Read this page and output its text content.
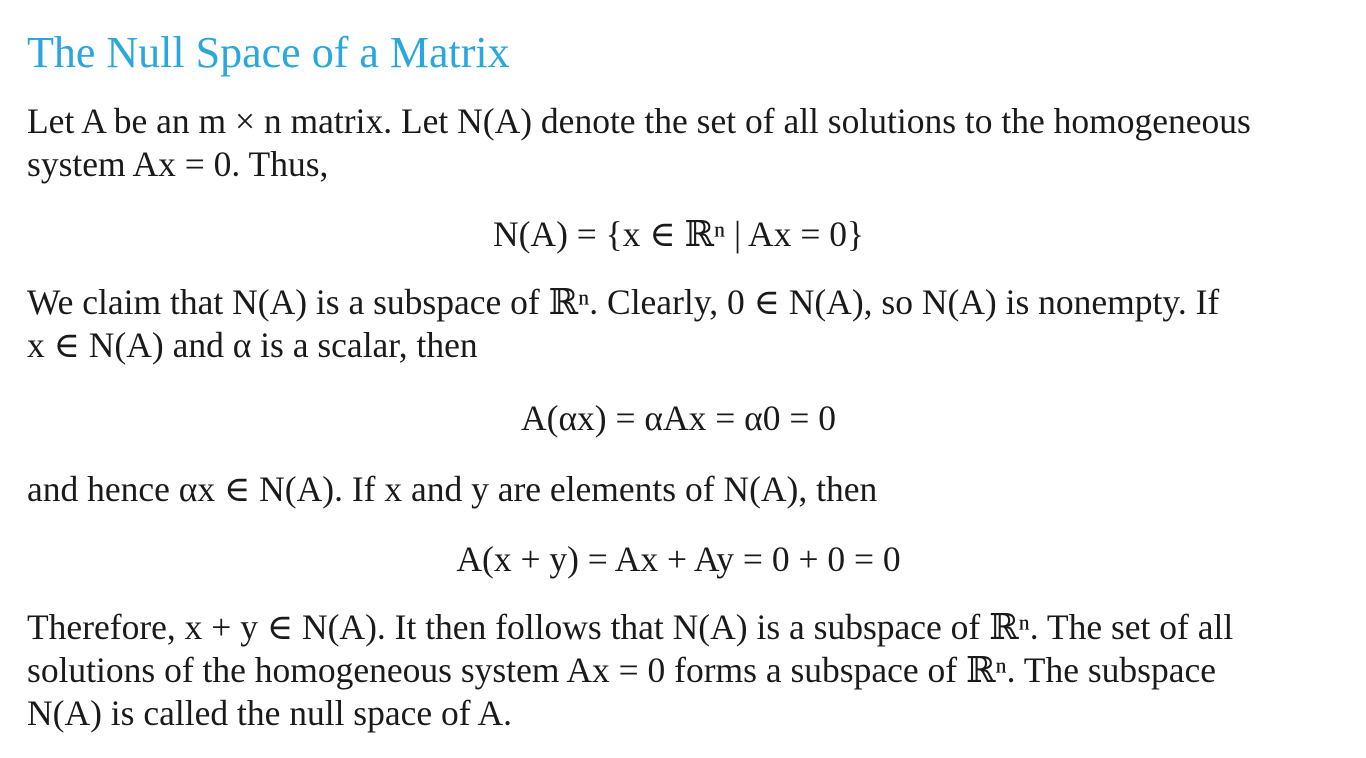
The Null Space of a Matrix
Let A be an m × n matrix. Let N(A) denote the set of all solutions to the homogeneous
system Ax = 0. Thus,
N(A) = {x ∈ ℝⁿ | Ax = 0}
We claim that N(A) is a subspace of ℝⁿ. Clearly, 0 ∈ N(A), so N(A) is nonempty. If
x ∈ N(A) and α is a scalar, then
A(αx) = αAx = α0 = 0
and hence αx ∈ N(A). If x and y are elements of N(A), then
A(x + y) = Ax + Ay = 0 + 0 = 0
Therefore, x + y ∈ N(A). It then follows that N(A) is a subspace of ℝⁿ. The set of all
solutions of the homogeneous system Ax = 0 forms a subspace of ℝⁿ. The subspace
N(A) is called the null space of A.
